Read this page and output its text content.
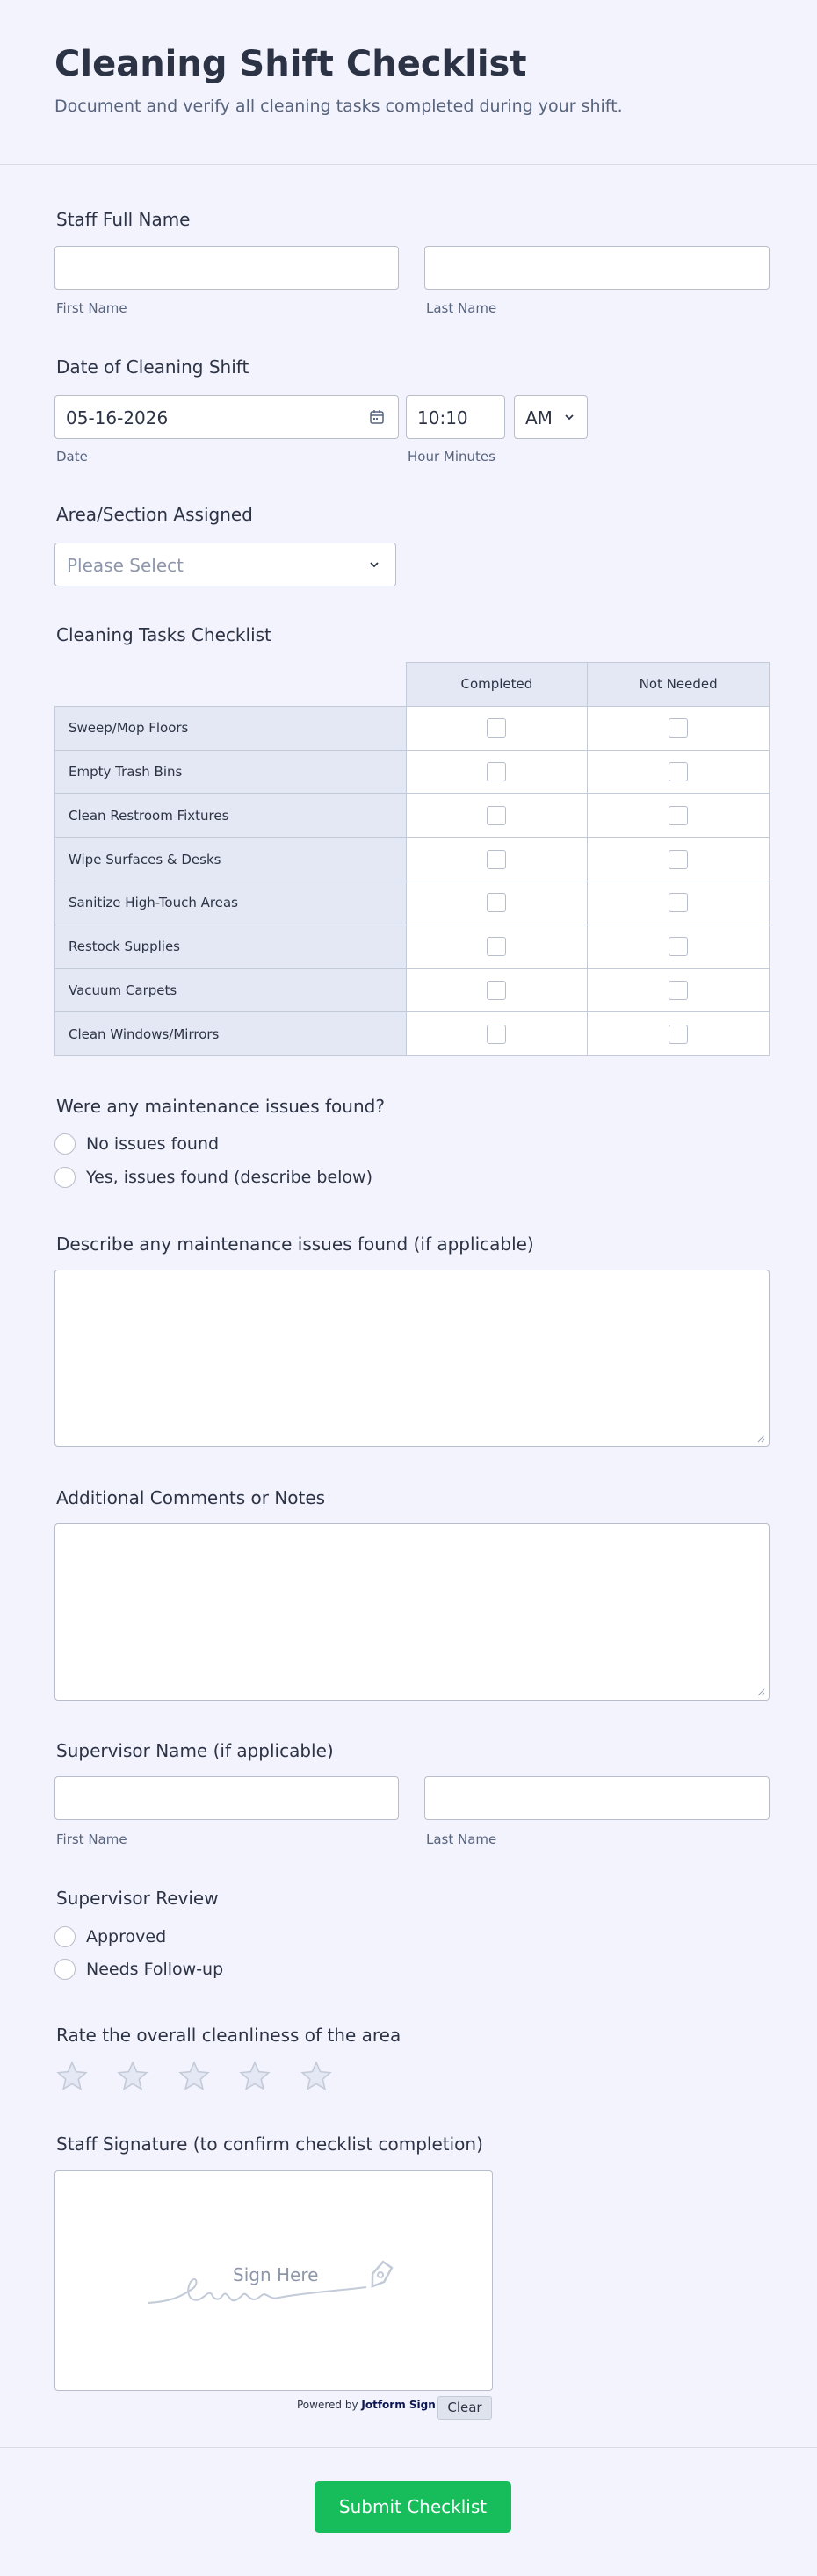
Cleaning Shift Checklist
Document and verify all cleaning tasks completed during your shift.
Staff Full Name
First Name	Last Name
Date of Cleaning Shift
05-16-2026	10:10	AM
Date	Hour Minutes
Area/Section Assigned
Please Select
Cleaning Tasks Checklist
	Completed	Not Needed
Sweep/Mop Floors		
Empty Trash Bins		
Clean Restroom Fixtures		
Wipe Surfaces & Desks		
Sanitize High-Touch Areas		
Restock Supplies		
Vacuum Carpets		
Clean Windows/Mirrors		
Were any maintenance issues found?
No issues found
Yes, issues found (describe below)
Describe any maintenance issues found (if applicable)
Additional Comments or Notes
Supervisor Name (if applicable)
First Name	Last Name
Supervisor Review
Approved
Needs Follow-up
Rate the overall cleanliness of the area
Staff Signature (to confirm checklist completion)
Sign Here
Powered by Jotform Sign Clear
Submit Checklist
